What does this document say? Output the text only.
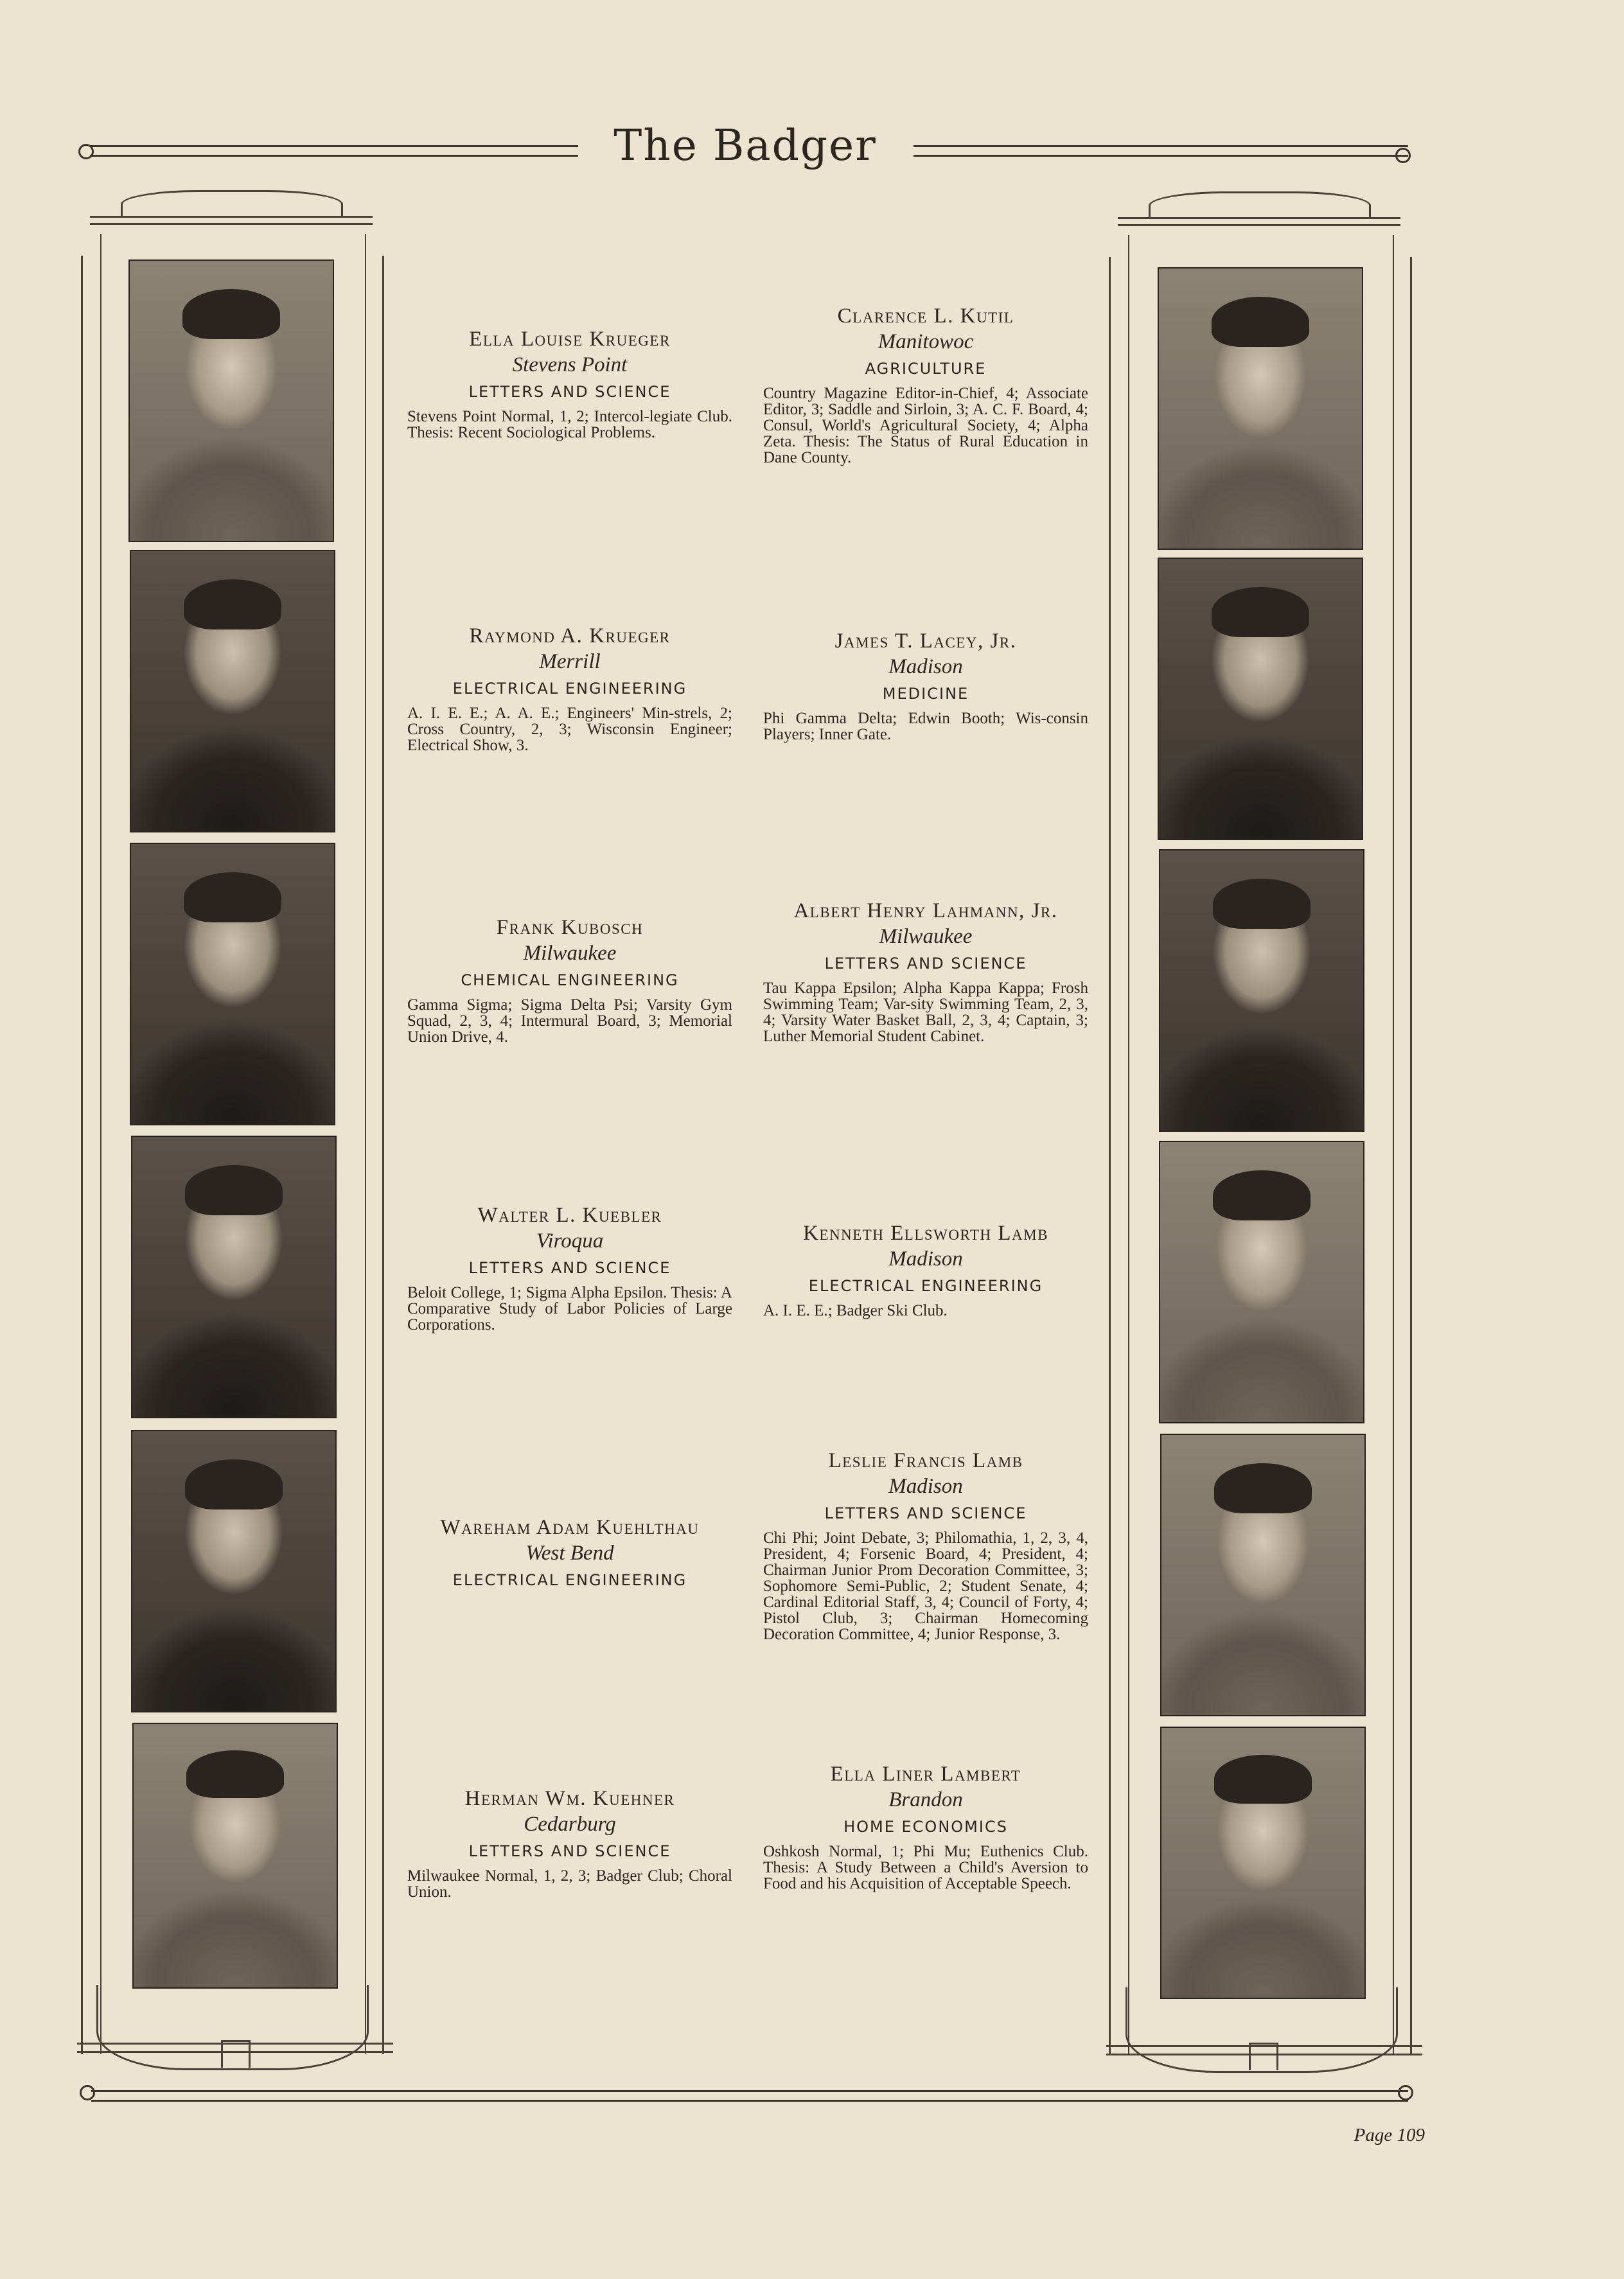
The Badger
Ella Louise Krueger
Stevens Point
LETTERS AND SCIENCE
Stevens Point Normal, 1, 2; Intercol-legiate Club. Thesis: Recent Sociological Problems.
Raymond A. Krueger
Merrill
ELECTRICAL ENGINEERING
A. I. E. E.; A. A. E.; Engineers' Min-strels, 2; Cross Country, 2, 3; Wisconsin Engineer; Electrical Show, 3.
Frank Kubosch
Milwaukee
CHEMICAL ENGINEERING
Gamma Sigma; Sigma Delta Psi; Varsity Gym Squad, 2, 3, 4; Intermural Board, 3; Memorial Union Drive, 4.
Walter L. Kuebler
Viroqua
LETTERS AND SCIENCE
Beloit College, 1; Sigma Alpha Epsilon. Thesis: A Comparative Study of Labor Policies of Large Corporations.
Wareham Adam Kuehlthau
West Bend
ELECTRICAL ENGINEERING
Herman Wm. Kuehner
Cedarburg
LETTERS AND SCIENCE
Milwaukee Normal, 1, 2, 3; Badger Club; Choral Union.
Clarence L. Kutil
Manitowoc
AGRICULTURE
Country Magazine Editor-in-Chief, 4; Associate Editor, 3; Saddle and Sirloin, 3; A. C. F. Board, 4; Consul, World's Agricultural Society, 4; Alpha Zeta. Thesis: The Status of Rural Education in Dane County.
James T. Lacey, Jr.
Madison
MEDICINE
Phi Gamma Delta; Edwin Booth; Wis-consin Players; Inner Gate.
Albert Henry Lahmann, Jr.
Milwaukee
LETTERS AND SCIENCE
Tau Kappa Epsilon; Alpha Kappa Kappa; Frosh Swimming Team; Var-sity Swimming Team, 2, 3, 4; Varsity Water Basket Ball, 2, 3, 4; Captain, 3; Luther Memorial Student Cabinet.
Kenneth Ellsworth Lamb
Madison
ELECTRICAL ENGINEERING
A. I. E. E.; Badger Ski Club.
Leslie Francis Lamb
Madison
LETTERS AND SCIENCE
Chi Phi; Joint Debate, 3; Philomathia, 1, 2, 3, 4, President, 4; Forsenic Board, 4; President, 4; Chairman Junior Prom Decoration Committee, 3; Sophomore Semi-Public, 2; Student Senate, 4; Cardinal Editorial Staff, 3, 4; Council of Forty, 4; Pistol Club, 3; Chairman Homecoming Decoration Committee, 4; Junior Response, 3.
Ella Liner Lambert
Brandon
HOME ECONOMICS
Oshkosh Normal, 1; Phi Mu; Euthenics Club. Thesis: A Study Between a Child's Aversion to Food and his Acquisition of Acceptable Speech.
Page 109
